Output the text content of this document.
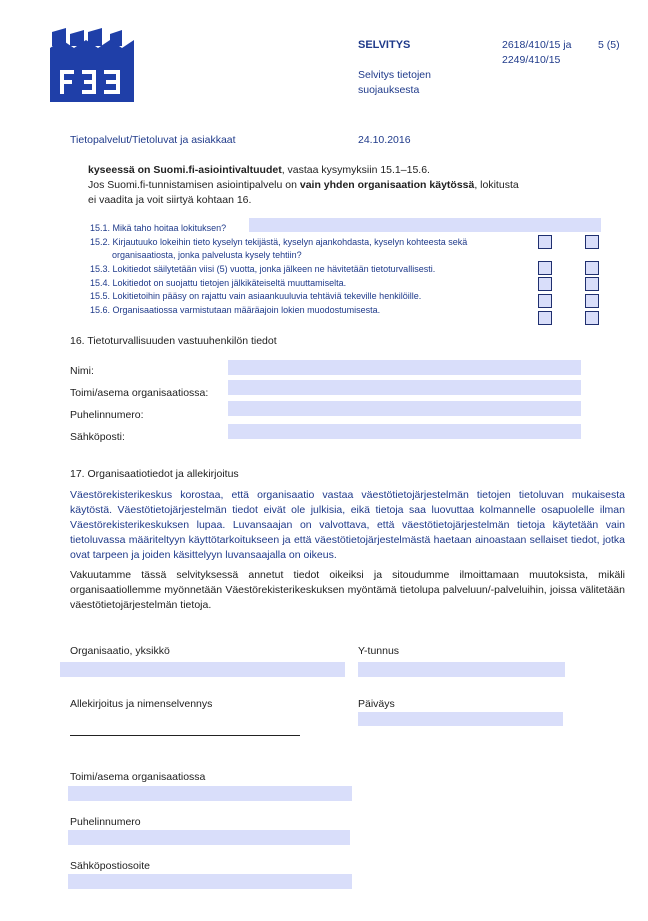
SELVITYS
Selvitys tietojen
suojauksesta
2618/410/15 ja
2249/410/15
5 (5)
Tietopalvelut/Tietoluvat ja asiakkaat	24.10.2016
kyseessä on Suomi.fi-asiointivaltuudet, vastaa kysymyksiin 15.1–15.6.
Jos Suomi.fi-tunnistamisen asiointipalvelu on vain yhden organisaation käytössä, lokitusta
ei vaadita ja voit siirtyä kohtaan 16.
15.1. Mikä taho hoitaa lokituksen?
15.2. Kirjautuuko lokeihin tieto kyselyn tekijästä, kyselyn ajankohdasta, kyselyn kohteesta sekä
organisaatiosta, jonka palvelusta kysely tehtiin?
15.3. Lokitiedot säilytetään viisi (5) vuotta, jonka jälkeen ne hävitetään tietoturvallisesti.
15.4. Lokitiedot on suojattu tietojen jälkikäteiseltä muuttamiselta.
15.5. Lokitietoihin pääsy on rajattu vain asiaankuuluvia tehtäviä tekeville henkilöille.
15.6. Organisaatiossa varmistutaan määräajoin lokien muodostumisesta.
16. Tietoturvallisuuden vastuuhenkilön tiedot
Nimi:
Toimi/asema organisaatiossa:
Puhelinnumero:
Sähköposti:
17. Organisaatiotiedot ja allekirjoitus
Väestörekisterikeskus korostaa, että organisaatio vastaa väestötietojärjestelmän tietojen tietoluvan mukaisesta käytöstä. Väestötietojärjestelmän tiedot eivät ole julkisia, eikä tietoja saa luovuttaa kolmannelle osapuolelle ilman Väestörekisterikeskuksen lupaa. Luvansaajan on valvottava, että väestötietojärjestelmän tietoja käytetään vain tietoluvassa määriteltyyn käyttötarkoitukseen ja että väestötietojärjestelmästä haetaan ainoastaan sellaiset tiedot, jotka ovat tarpeen ja joiden käsittelyyn luvansaajalla on oikeus.
Vakuutamme tässä selvityksessä annetut tiedot oikeiksi ja sitoudumme ilmoittamaan muutoksista, mikäli organisaatiollemme myönnetään Väestörekisterikeskuksen myöntämä tietolupa palveluun/-palveluihin, joissa välitetään väestötietojärjestelmän tietoja.
Organisaatio, yksikkö	Y-tunnus
Allekirjoitus ja nimenselvennys	Päiväys
Toimi/asema organisaatiossa
Puhelinnumero
Sähköpostiosoite
